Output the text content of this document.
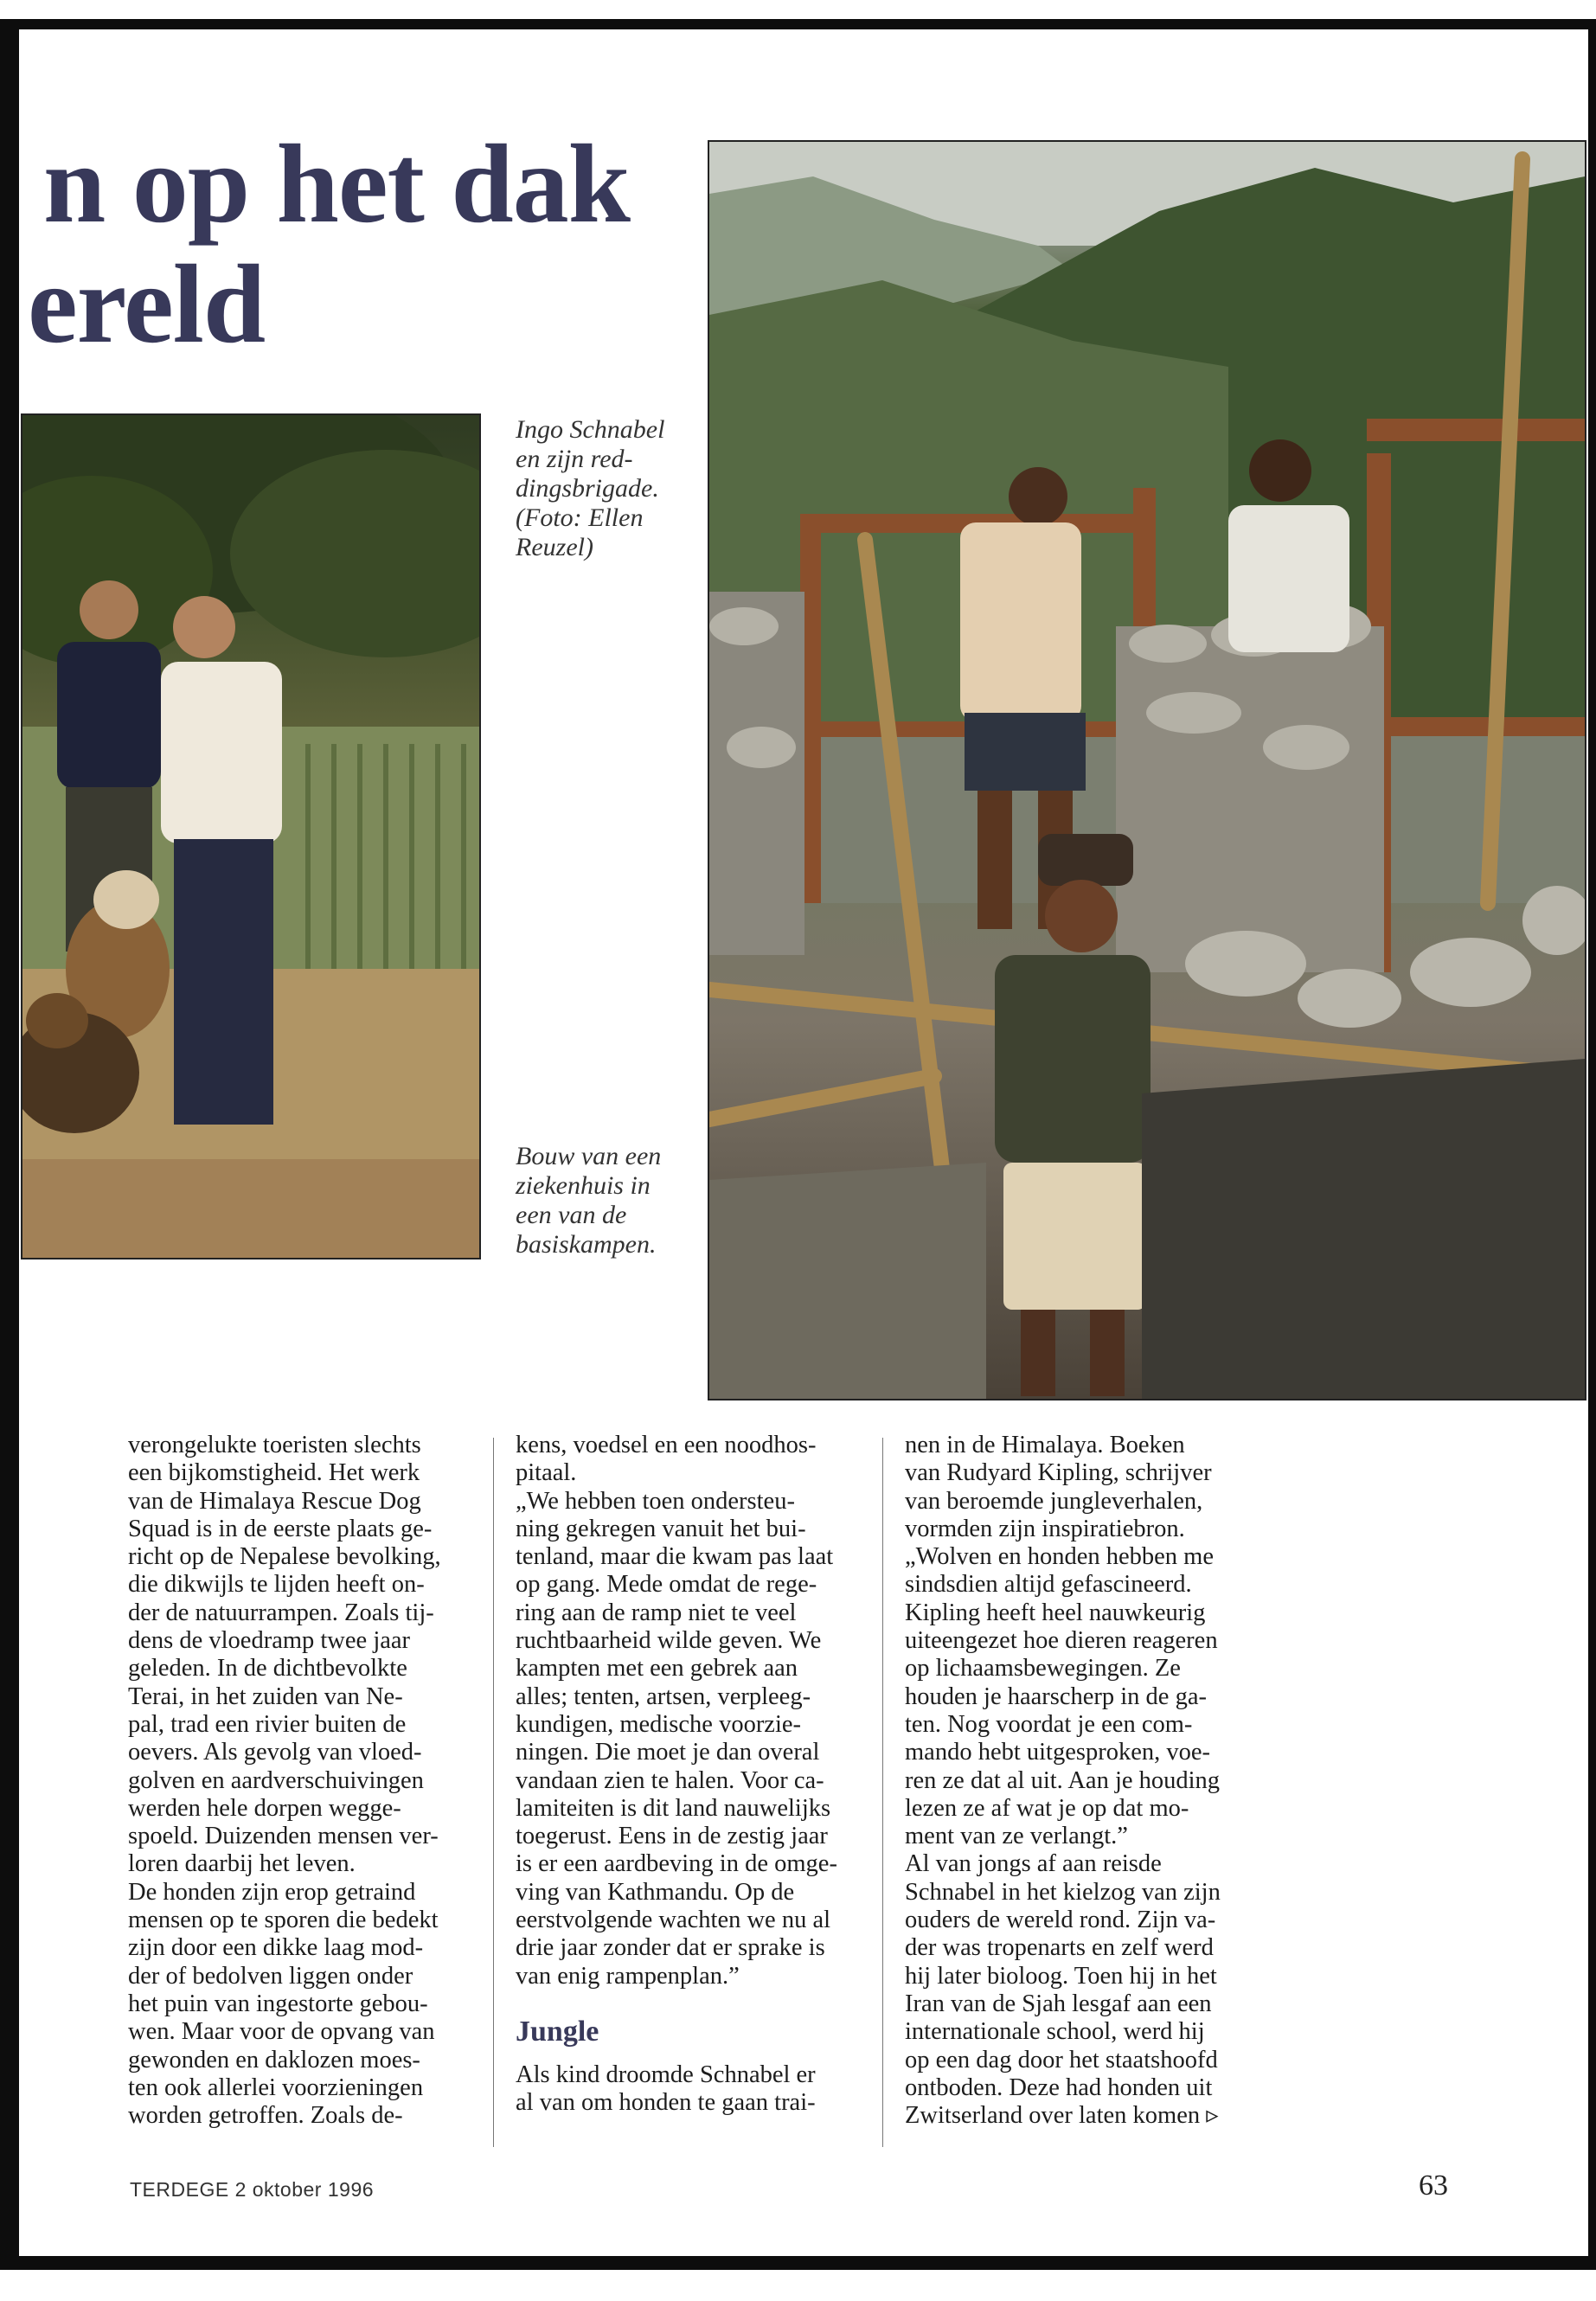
n op het dak
ereld
Ingo Schnabel en zijn red- dingsbrigade. (Foto: Ellen Reuzel)
Bouw van een ziekenhuis in een van de basiskampen.

verongelukte toeristen slechts
een bijkomstigheid. Het werk
van de Himalaya Rescue Dog
Squad is in de eerste plaats ge-
richt op de Nepalese bevolking,
die dikwijls te lijden heeft on-
der de natuurrampen. Zoals tij-
dens de vloedramp twee jaar
geleden. In de dichtbevolkte
Terai, in het zuiden van Ne-
pal, trad een rivier buiten de
oevers. Als gevolg van vloed-
golven en aardverschuivingen
werden hele dorpen wegge-
spoeld. Duizenden mensen ver-
loren daarbij het leven.
De honden zijn erop getraind
mensen op te sporen die bedekt
zijn door een dikke laag mod-
der of bedolven liggen onder
het puin van ingestorte gebou-
wen. Maar voor de opvang van
gewonden en daklozen moes-
ten ook allerlei voorzieningen
worden getroffen. Zoals de-

kens, voedsel en een noodhos-
pitaal.
„We hebben toen ondersteu-
ning gekregen vanuit het bui-
tenland, maar die kwam pas laat
op gang. Mede omdat de rege-
ring aan de ramp niet te veel
ruchtbaarheid wilde geven. We
kampten met een gebrek aan
alles; tenten, artsen, verpleeg-
kundigen, medische voorzie-
ningen. Die moet je dan overal
vandaan zien te halen. Voor ca-
lamiteiten is dit land nauwelijks
toegerust. Eens in de zestig jaar
is er een aardbeving in de omge-
ving van Kathmandu. Op de
eerstvolgende wachten we nu al
drie jaar zonder dat er sprake is
van enig rampenplan.”

Jungle

Als kind droomde Schnabel er
al van om honden te gaan trai-

nen in de Himalaya. Boeken
van Rudyard Kipling, schrijver
van beroemde jungleverhalen,
vormden zijn inspiratiebron.
„Wolven en honden hebben me
sindsdien altijd gefascineerd.
Kipling heeft heel nauwkeurig
uiteengezet hoe dieren reageren
op lichaamsbewegingen. Ze
houden je haarscherp in de ga-
ten. Nog voordat je een com-
mando hebt uitgesproken, voe-
ren ze dat al uit. Aan je houding
lezen ze af wat je op dat mo-
ment van ze verlangt.”
Al van jongs af aan reisde
Schnabel in het kielzog van zijn
ouders de wereld rond. Zijn va-
der was tropenarts en zelf werd
hij later bioloog. Toen hij in het
Iran van de Sjah lesgaf aan een
internationale school, werd hij
op een dag door het staatshoofd
ontboden. Deze had honden uit
Zwitserland over laten komen ▹

TERDEGE 2 oktober 1996	63
